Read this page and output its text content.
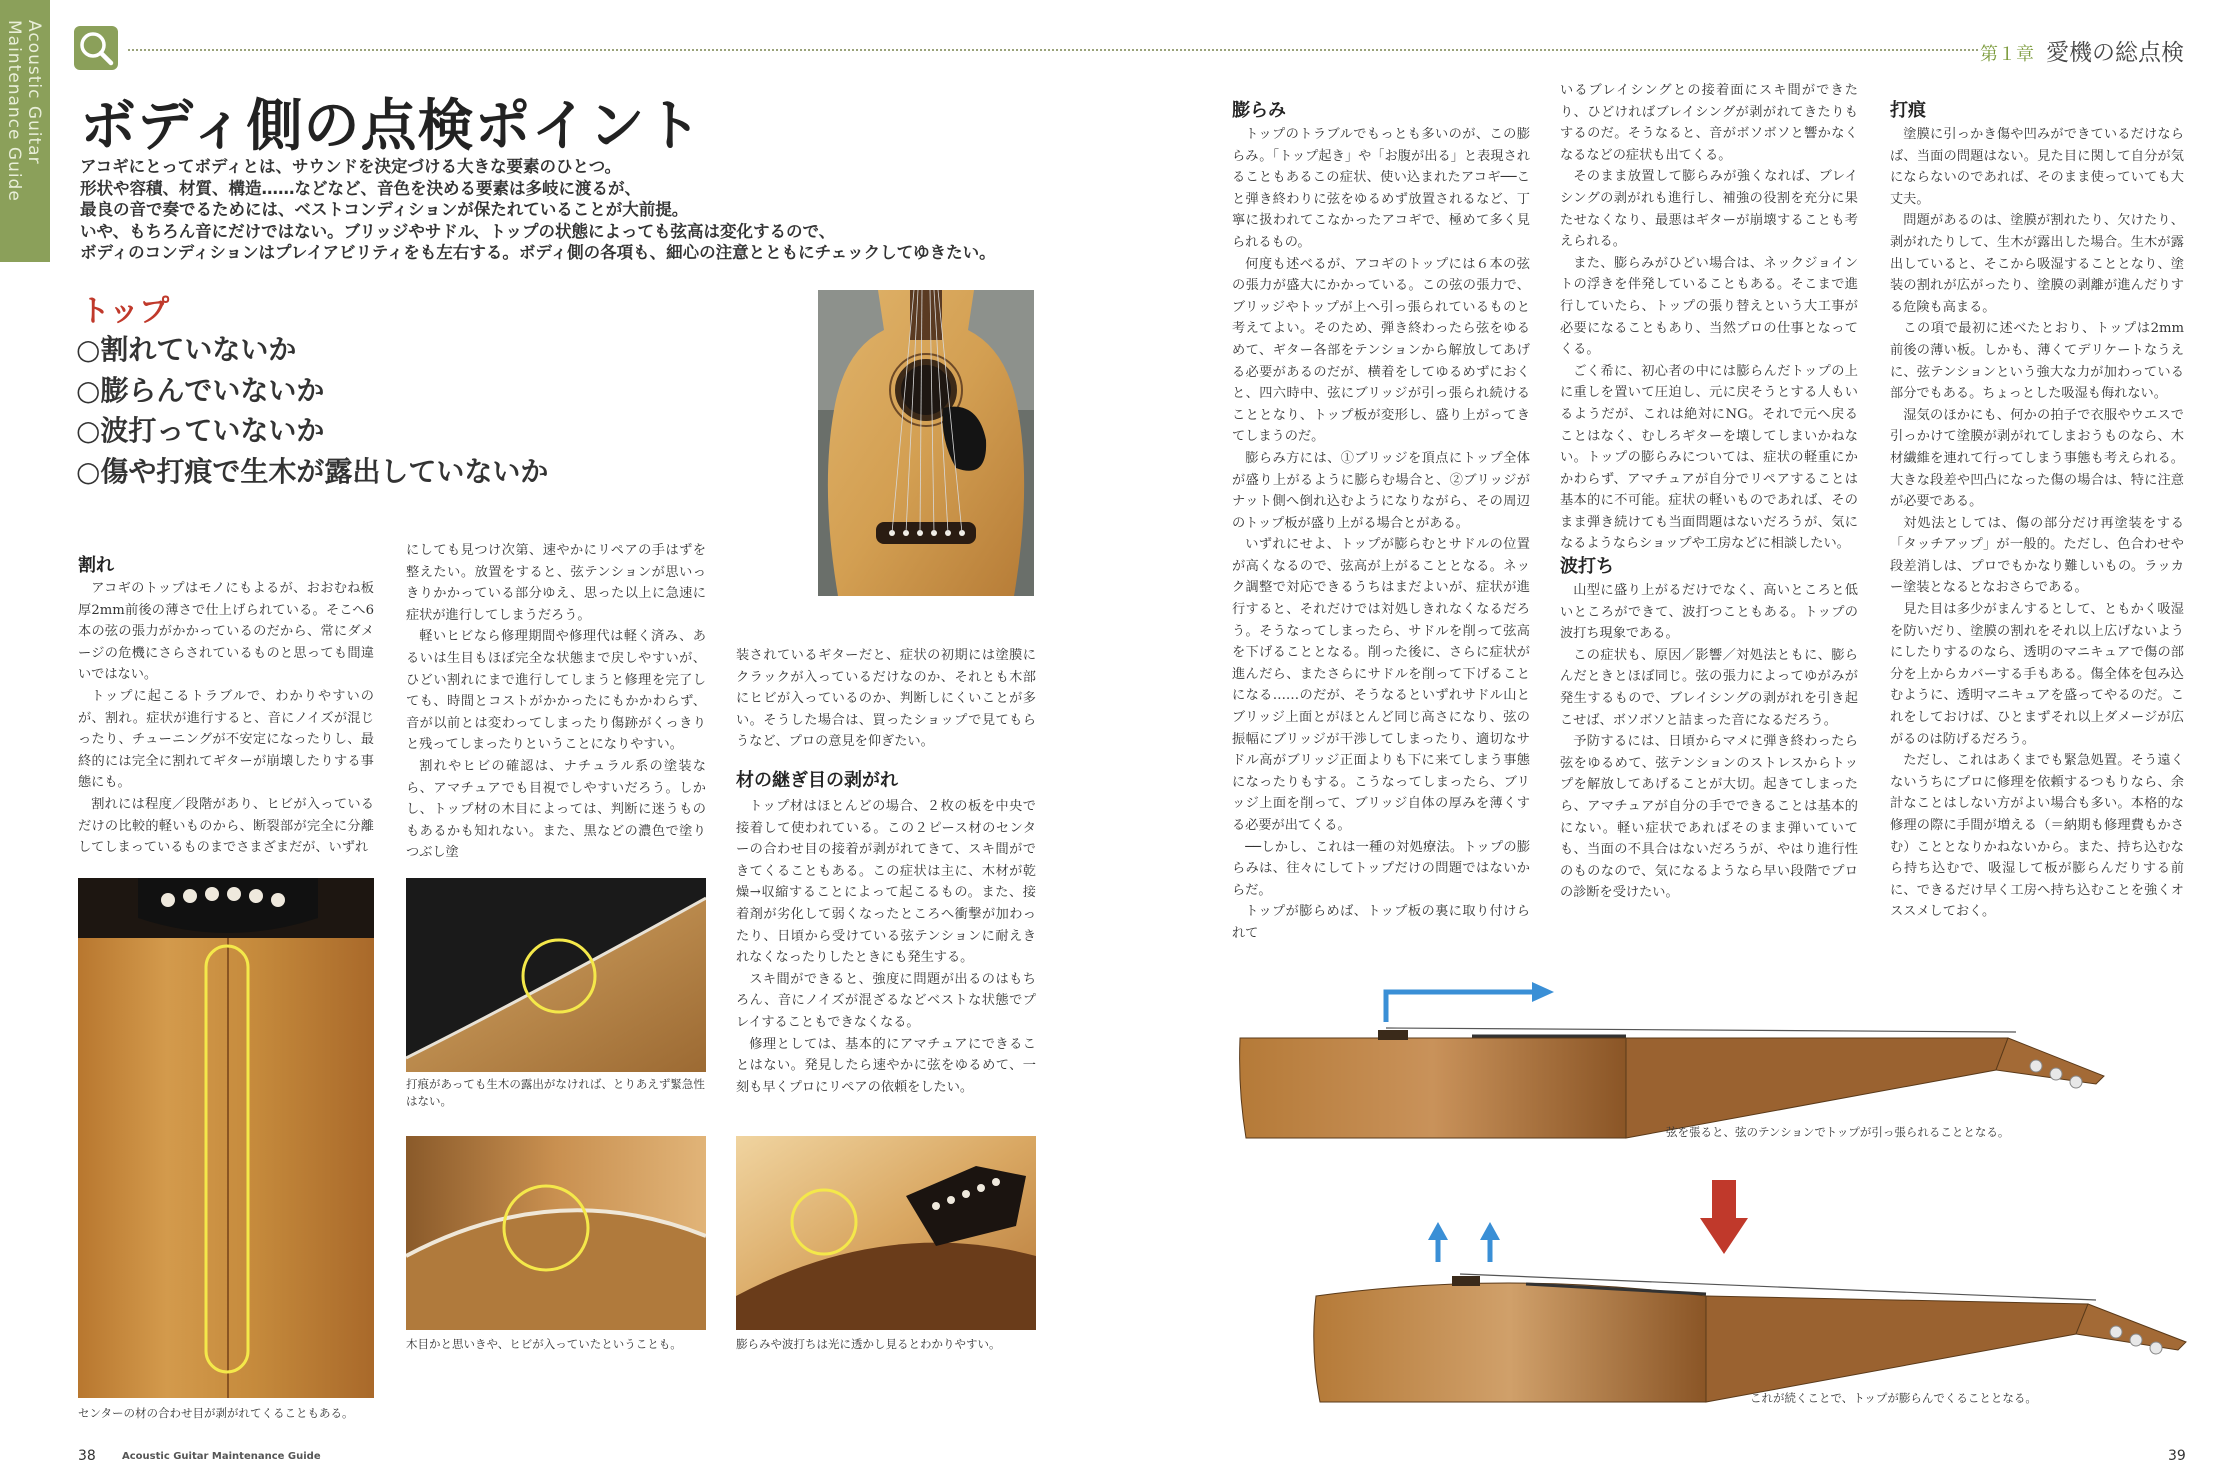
Acoustic Guitar Maintenance Guide	第１章 愛機の総点検
ボディ側の点検ポイント

アコギにとってボディとは、サウンドを決定づける大きな要素のひとつ。

形状や容積、材質、構造……などなど、音色を決める要素は多岐に渡るが、

最良の音で奏でるためには、ベストコンディションが保たれていることが大前提。

いや、もちろん音にだけではない。ブリッジやサドル、トップの状態によっても弦高は変化するので、

ボディのコンディションはプレイアビリティをも左右する。ボディ側の各項も、細心の注意とともにチェックしてゆきたい。

トップ
○割れていないか
○膨らんでいないか
○波打っていないか
○傷や打痕で生木が露出していないか
割れ

アコギのトップはモノにもよるが、おおむね板厚2mm前後の薄さで仕上げられている。そこへ6本の弦の張力がかかっているのだから、常にダメージの危機にさらされているものと思っても間違いではない。

トップに起こるトラブルで、わかりやすいのが、割れ。症状が進行すると、音にノイズが混じったり、チューニングが不安定になったりし、最終的には完全に割れてギターが崩壊したりする事態にも。

割れには程度／段階があり、ヒビが入っているだけの比較的軽いものから、断裂部が完全に分離してしまっているものまでさまざまだが、いずれ

にしても見つけ次第、速やかにリペアの手はずを整えたい。放置をすると、弦テンションが思いっきりかかっている部分ゆえ、思った以上に急速に症状が進行してしまうだろう。

軽いヒビなら修理期間や修理代は軽く済み、あるいは生目もほぼ完全な状態まで戻しやすいが、ひどい割れにまで進行してしまうと修理を完了しても、時間とコストがかかったにもかかわらず、音が以前とは変わってしまったり傷跡がくっきりと残ってしまったりということになりやすい。

割れやヒビの確認は、ナチュラル系の塗装なら、アマチュアでも目視でしやすいだろう。しかし、トップ材の木目によっては、判断に迷うものもあるかも知れない。また、黒などの濃色で塗りつぶし塗

装されているギターだと、症状の初期には塗膜にクラックが入っているだけなのか、それとも木部にヒビが入っているのか、判断しにくいことが多い。そうした場合は、買ったショップで見てもらうなど、プロの意見を仰ぎたい。

材の継ぎ目の剥がれ

トップ材はほとんどの場合、２枚の板を中央で接着して使われている。この２ピース材のセンターの合わせ目の接着が剥がれてきて、スキ間ができてくることもある。この症状は主に、木材が乾燥→収縮することによって起こるもの。また、接着剤が劣化して弱くなったところへ衝撃が加わったり、日頃から受けている弦テンションに耐えきれなくなったりしたときにも発生する。

スキ間ができると、強度に問題が出るのはもちろん、音にノイズが混ざるなどベストな状態でプレイすることもできなくなる。

修理としては、基本的にアマチュアにできることはない。発見したら速やかに弦をゆるめて、一刻も早くプロにリペアの依頼をしたい。

センターの材の合わせ目が剥がれてくることもある。
打痕があっても生木の露出がなければ、とりあえず緊急性はない。
木目かと思いきや、ヒビが入っていたということも。	膨らみや波打ちは光に透かし見るとわかりやすい。
膨らみ

トップのトラブルでもっとも多いのが、この膨らみ。「トップ起き」や「お腹が出る」と表現されることもあるこの症状、使い込まれたアコギ──こと弾き終わりに弦をゆるめず放置されるなど、丁寧に扱われてこなかったアコギで、極めて多く見られるもの。

何度も述べるが、アコギのトップには６本の弦の張力が盛大にかかっている。この弦の張力で、ブリッジやトップが上へ引っ張られているものと考えてよい。そのため、弾き終わったら弦をゆるめて、ギター各部をテンションから解放してあげる必要があるのだが、横着をしてゆるめずにおくと、四六時中、弦にブリッジが引っ張られ続けることとなり、トップ板が変形し、盛り上がってきてしまうのだ。

膨らみ方には、①ブリッジを頂点にトップ全体が盛り上がるように膨らむ場合と、②ブリッジがナット側へ倒れ込むようになりながら、その周辺のトップ板が盛り上がる場合とがある。

いずれにせよ、トップが膨らむとサドルの位置が高くなるので、弦高が上がることとなる。ネック調整で対応できるうちはまだよいが、症状が進行すると、それだけでは対処しきれなくなるだろう。そうなってしまったら、サドルを削って弦高を下げることとなる。削った後に、さらに症状が進んだら、またさらにサドルを削って下げることになる……のだが、そうなるといずれサドル山とブリッジ上面とがほとんど同じ高さになり、弦の振幅にブリッジが干渉してしまったり、適切なサドル高がブリッジ正面よりも下に来てしまう事態になったりもする。こうなってしまったら、ブリッジ上面を削って、ブリッジ自体の厚みを薄くする必要が出てくる。

──しかし、これは一種の対処療法。トップの膨らみは、往々にしてトップだけの問題ではないからだ。

トップが膨らめば、トップ板の裏に取り付けられて

いるブレイシングとの接着面にスキ間ができたり、ひどければブレイシングが剥がれてきたりもするのだ。そうなると、音がボソボソと響かなくなるなどの症状も出てくる。

そのまま放置して膨らみが強くなれば、ブレイシングの剥がれも進行し、補強の役割を充分に果たせなくなり、最悪はギターが崩壊することも考えられる。

また、膨らみがひどい場合は、ネックジョイントの浮きを伴発していることもある。そこまで進行していたら、トップの張り替えという大工事が必要になることもあり、当然プロの仕事となってくる。

ごく希に、初心者の中には膨らんだトップの上に重しを置いて圧迫し、元に戻そうとする人もいるようだが、これは絶対にNG。それで元へ戻ることはなく、むしろギターを壊してしまいかねない。トップの膨らみについては、症状の軽重にかかわらず、アマチュアが自分でリペアすることは基本的に不可能。症状の軽いものであれば、そのまま弾き続けても当面問題はないだろうが、気になるようならショップや工房などに相談したい。

波打ち

山型に盛り上がるだけでなく、高いところと低いところができて、波打つこともある。トップの波打ち現象である。

この症状も、原因／影響／対処法ともに、膨らんだときとほぼ同じ。弦の張力によってゆがみが発生するもので、ブレイシングの剥がれを引き起こせば、ボソボソと詰まった音になるだろう。

予防するには、日頃からマメに弾き終わったら弦をゆるめて、弦テンションのストレスからトップを解放してあげることが大切。起きてしまったら、アマチュアが自分の手でできることは基本的にない。軽い症状であればそのまま弾いていても、当面の不具合はないだろうが、やはり進行性のものなので、気になるようなら早い段階でプロの診断を受けたい。

打痕

塗膜に引っかき傷や凹みができているだけならば、当面の問題はない。見た目に関して自分が気にならないのであれば、そのまま使っていても大丈夫。

問題があるのは、塗膜が割れたり、欠けたり、剥がれたりして、生木が露出した場合。生木が露出していると、そこから吸湿することとなり、塗装の割れが広がったり、塗膜の剥離が進んだりする危険も高まる。

この項で最初に述べたとおり、トップは2mm前後の薄い板。しかも、薄くてデリケートなうえに、弦テンションという強大な力が加わっている部分でもある。ちょっとした吸湿も侮れない。

湿気のほかにも、何かの拍子で衣服やウエスで引っかけて塗膜が剥がれてしまおうものなら、木材繊維を連れて行ってしまう事態も考えられる。大きな段差や凹凸になった傷の場合は、特に注意が必要である。

対処法としては、傷の部分だけ再塗装をする「タッチアップ」が一般的。ただし、色合わせや段差消しは、プロでもかなり難しいもの。ラッカー塗装となるとなおさらである。

見た目は多少がまんするとして、ともかく吸湿を防いだり、塗膜の割れをそれ以上広げないようにしたりするのなら、透明のマニキュアで傷の部分を上からカバーする手もある。傷全体を包み込むように、透明マニキュアを盛ってやるのだ。これをしておけば、ひとまずそれ以上ダメージが広がるのは防げるだろう。

ただし、これはあくまでも緊急処置。そう遠くないうちにプロに修理を依頼するつもりなら、余計なことはしない方がよい場合も多い。本格的な修理の際に手間が増える（＝納期も修理費もかさむ）こととなりかねないから。また、持ち込むなら持ち込むで、吸湿して板が膨らんだりする前に、できるだけ早く工房へ持ち込むことを強くオススメしておく。

弦を張ると、弦のテンションでトップが引っ張られることとなる。
これが続くことで、トップが膨らんでくることとなる。
38	Acoustic Guitar Maintenance Guide	39
